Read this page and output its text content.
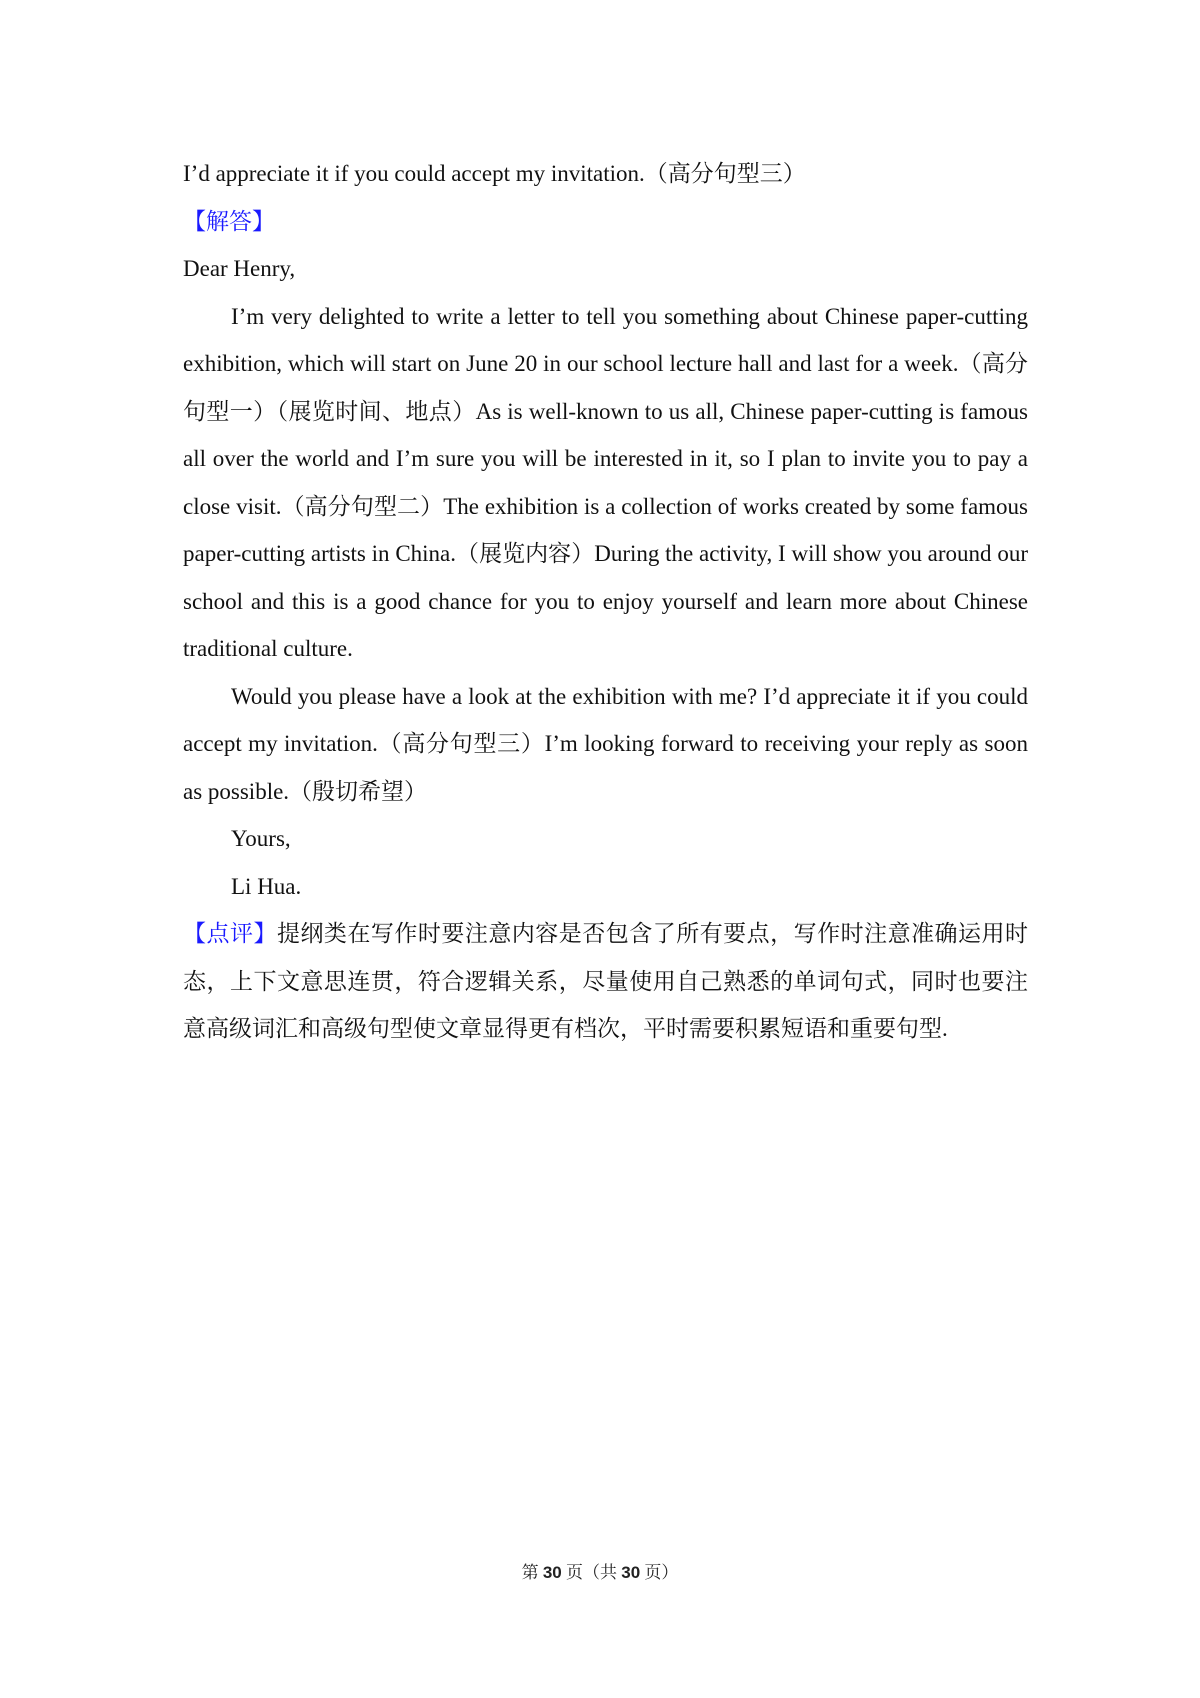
I’d appreciate it if you could accept my invitation.（高分句型三）

【解答】

Dear Henry,

I’m very delighted to write a letter to tell you something about Chinese paper-cutting exhibition, which will start on June 20 in our school lecture hall and last for a week.（高分句型一）（展览时间、地点）As is well-known to us all, Chinese paper-cutting is famous all over the world and I’m sure you will be interested in it, so I plan to invite you to pay a close visit.（高分句型二）The exhibition is a collection of works created by some famous paper-cutting artists in China.（展览内容）During the activity, I will show you around our school and this is a good chance for you to enjoy yourself and learn more about Chinese traditional culture.

Would you please have a look at the exhibition with me? I’d appreciate it if you could accept my invitation.（高分句型三）I’m looking forward to receiving your reply as soon as possible.（殷切希望）

Yours,

Li Hua.

【点评】提纲类在写作时要注意内容是否包含了所有要点，写作时注意准确运用时态，上下文意思连贯，符合逻辑关系，尽量使用自己熟悉的单词句式，同时也要注意高级词汇和高级句型使文章显得更有档次，平时需要积累短语和重要句型.

第 30 页（共 30 页）
